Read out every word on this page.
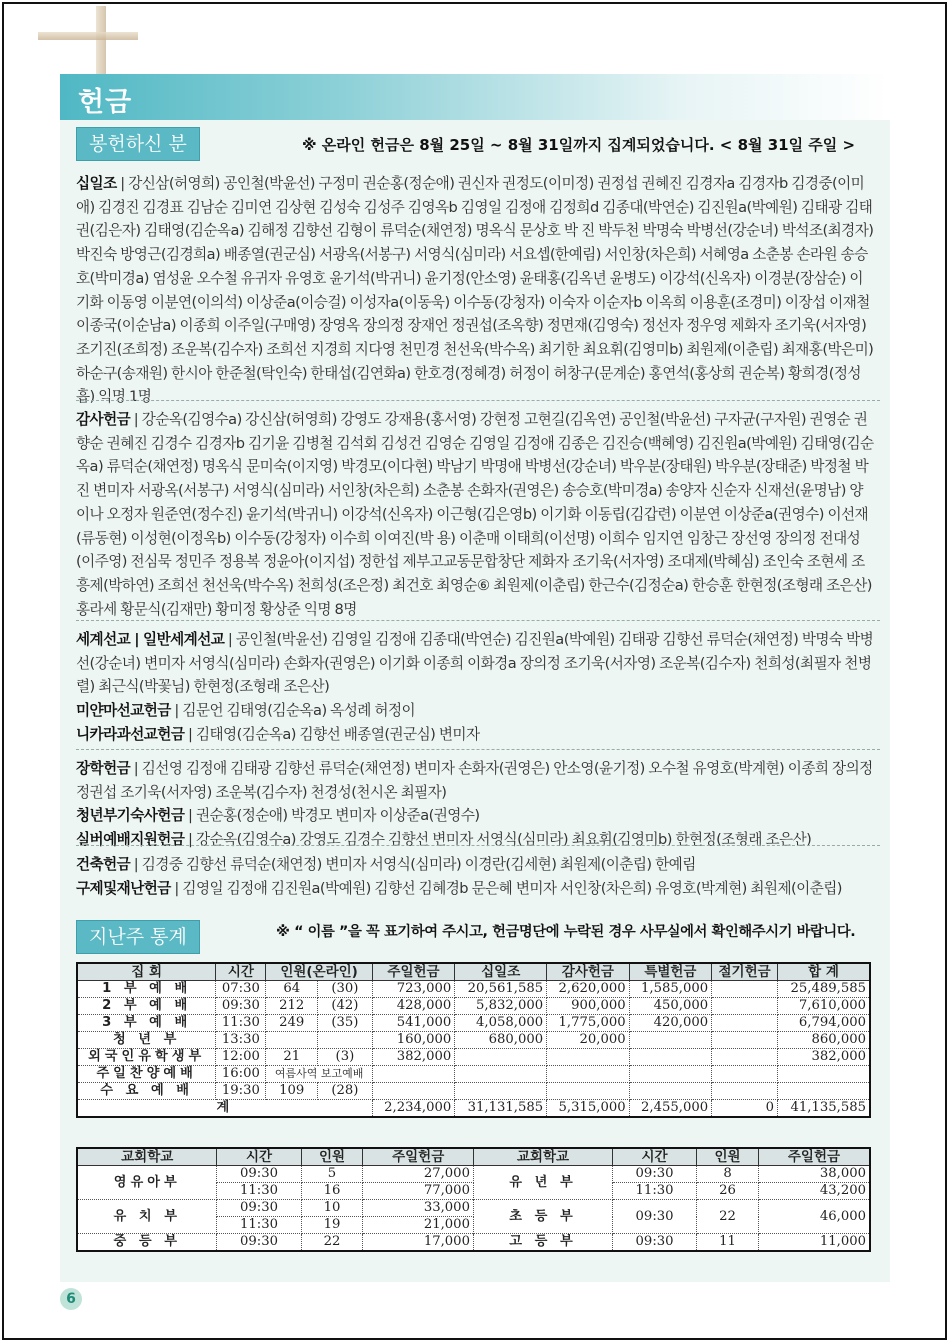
헌금
봉헌하신 분	※ 온라인 헌금은 8월 25일 ~ 8월 31일까지 집계되었습니다. < 8월 31일 주일 >
십일조 | 강신삼(허영희) 공인철(박윤선) 구정미 권순홍(정순애) 권신자 권정도(이미정) 권정섭 권혜진 김경자a 김경자b 김경중(이미애) 김경진 김경표 김남순 김미연 김상현 김성숙 김성주 김영옥b 김영일 김정애 김정희d 김종대(박연순) 김진원a(박예원) 김태광 김태권(김은자) 김태영(김순옥a) 김해정 김향선 김형이 류덕순(채연정) 명옥식 문상호 박 진 박두천 박명숙 박병선(강순녀) 박석조(최경자) 박진숙 방영근(김경희a) 배종열(권군심) 서광옥(서봉구) 서영식(심미라) 서요셉(한예림) 서인창(차은희) 서혜영a 소춘봉 손라원 송승호(박미경a) 염성윤 오수철 유귀자 유영호 윤기석(박귀니) 윤기정(안소영) 윤태홍(김옥년 윤병도) 이강석(신옥자) 이경분(장삼순) 이기화 이동영 이분연(이의석) 이상준a(이승걸) 이성자a(이동욱) 이수동(강청자) 이숙자 이순자b 이옥희 이용훈(조경미) 이장섭 이재철 이종국(이순남a) 이종희 이주일(구매영) 장영옥 장의정 장재언 정권섭(조옥향) 정면재(김영숙) 정선자 정우영 제화자 조기욱(서자영) 조기진(조희정) 조운복(김수자) 조희선 지경희 지다영 천민경 천선욱(박수옥) 최기한 최요휘(김영미b) 최원제(이춘립) 최재홍(박은미) 하순구(송재원) 한시아 한준철(탁인숙) 한태섭(김연화a) 한호경(정혜경) 허정이 허창구(문계순) 홍연석(홍상희 권순복) 황희경(정성흡) 익명 1명
감사헌금 | 강순옥(김영수a) 강신삼(허영희) 강영도 강재용(홍서영) 강현정 고현길(김옥연) 공인철(박윤선) 구자균(구자원) 권영순 권향순 권혜진 김경수 김경자b 김기윤 김병철 김석회 김성건 김영순 김영일 김정애 김종은 김진승(백혜영) 김진원a(박예원) 김태영(김순옥a) 류덕순(채연정) 명옥식 문미숙(이지영) 박경모(이다현) 박남기 박명애 박병선(강순녀) 박우분(장태원) 박우분(장태준) 박정철 박 진 변미자 서광옥(서봉구) 서영식(심미라) 서인창(차은희) 소춘봉 손화자(권영은) 송승호(박미경a) 송양자 신순자 신재선(윤명남) 양이나 오정자 원준연(정수진) 윤기석(박귀니) 이강석(신옥자) 이근형(김은영b) 이기화 이동립(김갑련) 이분연 이상준a(권영수) 이선재(류동현) 이성현(이정옥b) 이수동(강청자) 이수희 이여진(박 용) 이춘매 이태희(이선명) 이희수 임지연 임창근 장선영 장의정 전대성(이주영) 전심묵 정민주 정용복 정윤아(이지섭) 정한섭 제부고교동문합창단 제화자 조기욱(서자영) 조대제(박혜심) 조인숙 조현세 조흥제(박하연) 조희선 천선욱(박수옥) 천희성(조은정) 최건호 최영순⑥ 최원제(이춘립) 한근수(김정순a) 한승훈 한현정(조형래 조은산) 홍라세 황문식(김재만) 황미정 황상준 익명 8명
세계선교 | 일반세계선교 | 공인철(박윤선) 김영일 김정애 김종대(박연순) 김진원a(박예원) 김태광 김향선 류덕순(채연정) 박명숙 박병선(강순녀) 변미자 서영식(심미라) 손화자(권영은) 이기화 이종희 이화경a 장의정 조기욱(서자영) 조운복(김수자) 천희성(최필자 천병렬) 최근식(박꽃님) 한현정(조형래 조은산)
미얀마선교헌금 | 김문언 김태영(김순옥a) 옥성례 허정이
니카라과선교헌금 | 김태영(김순옥a) 김향선 배종열(권군심) 변미자
장학헌금 | 김선영 김정애 김태광 김향선 류덕순(채연정) 변미자 손화자(권영은) 안소영(윤기정) 오수철 유영호(박계현) 이종희 장의정 정권섭 조기욱(서자영) 조운복(김수자) 천경성(천시온 최필자)
청년부기숙사헌금 | 권순홍(정순애) 박경모 변미자 이상준a(권영수)
실버예배지원헌금 | 강순옥(김영수a) 강영도 김경수 김향선 변미자 서영식(심미라) 최요휘(김영미b) 한현정(조형래 조은산)
건축헌금 | 김경중 김향선 류덕순(채연정) 변미자 서영식(심미라) 이경란(김세현) 최원제(이춘립) 한예림
구제및재난헌금 | 김영일 김정애 김진원a(박예원) 김향선 김혜경b 문은혜 변미자 서인창(차은희) 유영호(박계현) 최원제(이춘립)
지난주 통계	※ “ 이름 ”을 꼭 표기하여 주시고, 헌금명단에 누락된 경우 사무실에서 확인해주시기 바랍니다.
집 회	시간	인원(온라인)		주일헌금	십일조	감사헌금	특별헌금	절기헌금	합 계
1 부 예 배	07:30	64	(30)	723,000	20,561,585	2,620,000	1,585,000		25,489,585
2 부 예 배	09:30	212	(42)	428,000	5,832,000	900,000	450,000		7,610,000
3 부 예 배	11:30	249	(35)	541,000	4,058,000	1,775,000	420,000		6,794,000
청 년 부	13:30			160,000	680,000	20,000			860,000
외국인유학생부	12:00	21	(3)	382,000					382,000
주일찬양예배	16:00	여름사역 보고예배							
수 요 예 배	19:30	109	(28)						
계				2,234,000	31,131,585	5,315,000	2,455,000	0	41,135,585
교회학교	시간	인원	주일헌금	교회학교	시간	인원	주일헌금
영유아부	09:30	5	27,000	유 년 부	09:30	8	38,000
	11:30	16	77,000		11:30	26	43,200
유 치 부	09:30	10	33,000	초 등 부	09:30	22	46,000
	11:30	19	21,000				
중 등 부	09:30	22	17,000	고 등 부	09:30	11	11,000
6
